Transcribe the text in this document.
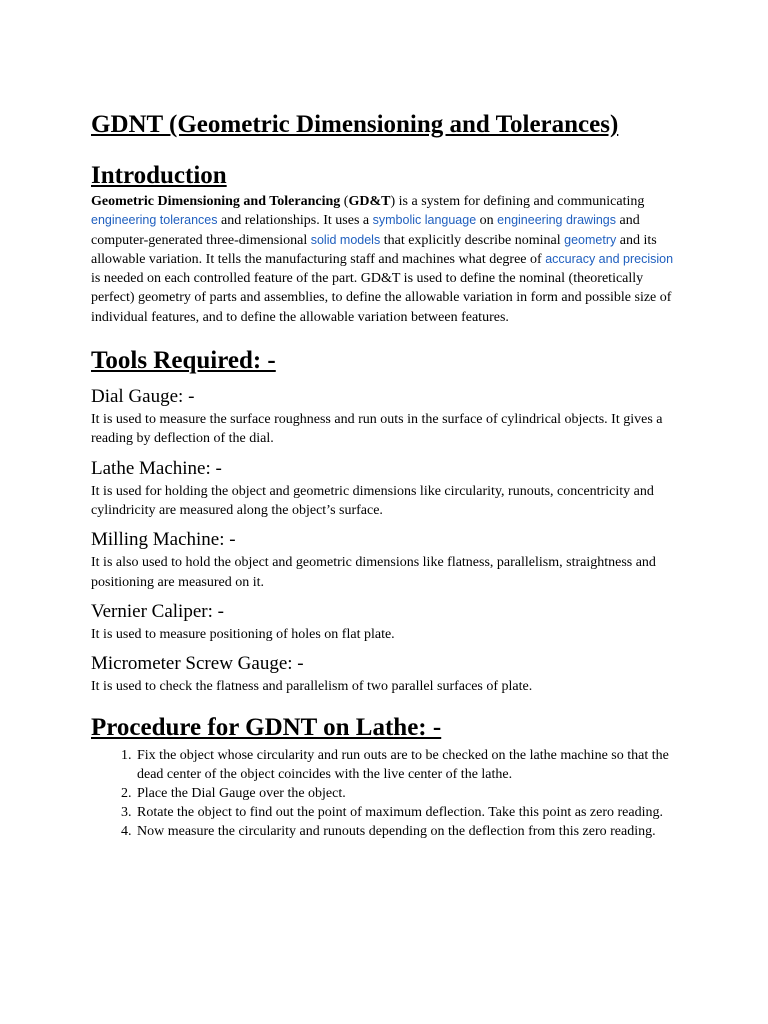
GDNT (Geometric Dimensioning and Tolerances)
Introduction

Geometric Dimensioning and Tolerancing (GD&T) is a system for defining and communicating engineering tolerances and relationships. It uses a symbolic language on engineering drawings and computer-generated three-dimensional solid models that explicitly describe nominal geometry and its allowable variation. It tells the manufacturing staff and machines what degree of accuracy and precision is needed on each controlled feature of the part. GD&T is used to define the nominal (theoretically perfect) geometry of parts and assemblies, to define the allowable variation in form and possible size of individual features, and to define the allowable variation between features.

Tools Required: -
Dial Gauge: -

It is used to measure the surface roughness and run outs in the surface of cylindrical objects. It gives a reading by deflection of the dial.

Lathe Machine: -

It is used for holding the object and geometric dimensions like circularity, runouts, concentricity and cylindricity are measured along the object’s surface.

Milling Machine: -

It is also used to hold the object and geometric dimensions like flatness, parallelism, straightness and positioning are measured on it.

Vernier Caliper: -

It is used to measure positioning of holes on flat plate.

Micrometer Screw Gauge: -

It is used to check the flatness and parallelism of two parallel surfaces of plate.

Procedure for GDNT on Lathe: -
1. Fix the object whose circularity and run outs are to be checked on the lathe machine so that the dead center of the object coincides with the live center of the lathe.
2. Place the Dial Gauge over the object.
3. Rotate the object to find out the point of maximum deflection. Take this point as zero reading.
4. Now measure the circularity and runouts depending on the deflection from this zero reading.
